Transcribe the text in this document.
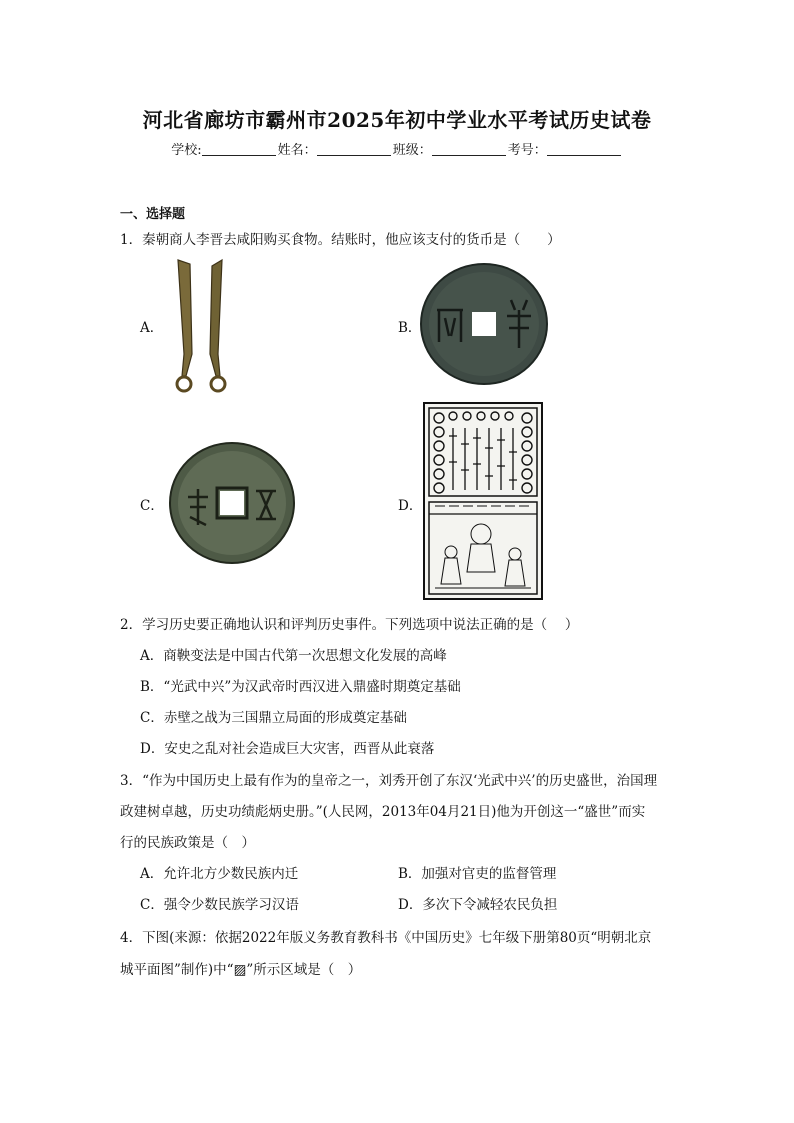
河北省廊坊市霸州市2025年初中学业水平考试历史试卷
学校:	姓名：	班级：	考号：
一、选择题
1．秦朝商人李晋去咸阳购买食物。结账时，他应该支付的货币是（　　）
A．	B．
C．	D．
2．学习历史要正确地认识和评判历史事件。下列选项中说法正确的是（　 ）
A．商鞅变法是中国古代第一次思想文化发展的高峰
B．“光武中兴”为汉武帝时西汉进入鼎盛时期奠定基础
C．赤壁之战为三国鼎立局面的形成奠定基础
D．安史之乱对社会造成巨大灾害，西晋从此衰落
3．“作为中国历史上最有作为的皇帝之一，刘秀开创了东汉‘光武中兴’的历史盛世，治国理
政建树卓越，历史功绩彪炳史册。”(人民网，2013年04月21日)他为开创这一“盛世”而实
行的民族政策是（　）
A．允许北方少数民族内迁	B．加强对官吏的监督管理
C．强令少数民族学习汉语	D．多次下令减轻农民负担
4．下图(来源：依据2022年版义务教育教科书《中国历史》七年级下册第80页“明朝北京
城平面图”制作)中“▨”所示区域是（　）
